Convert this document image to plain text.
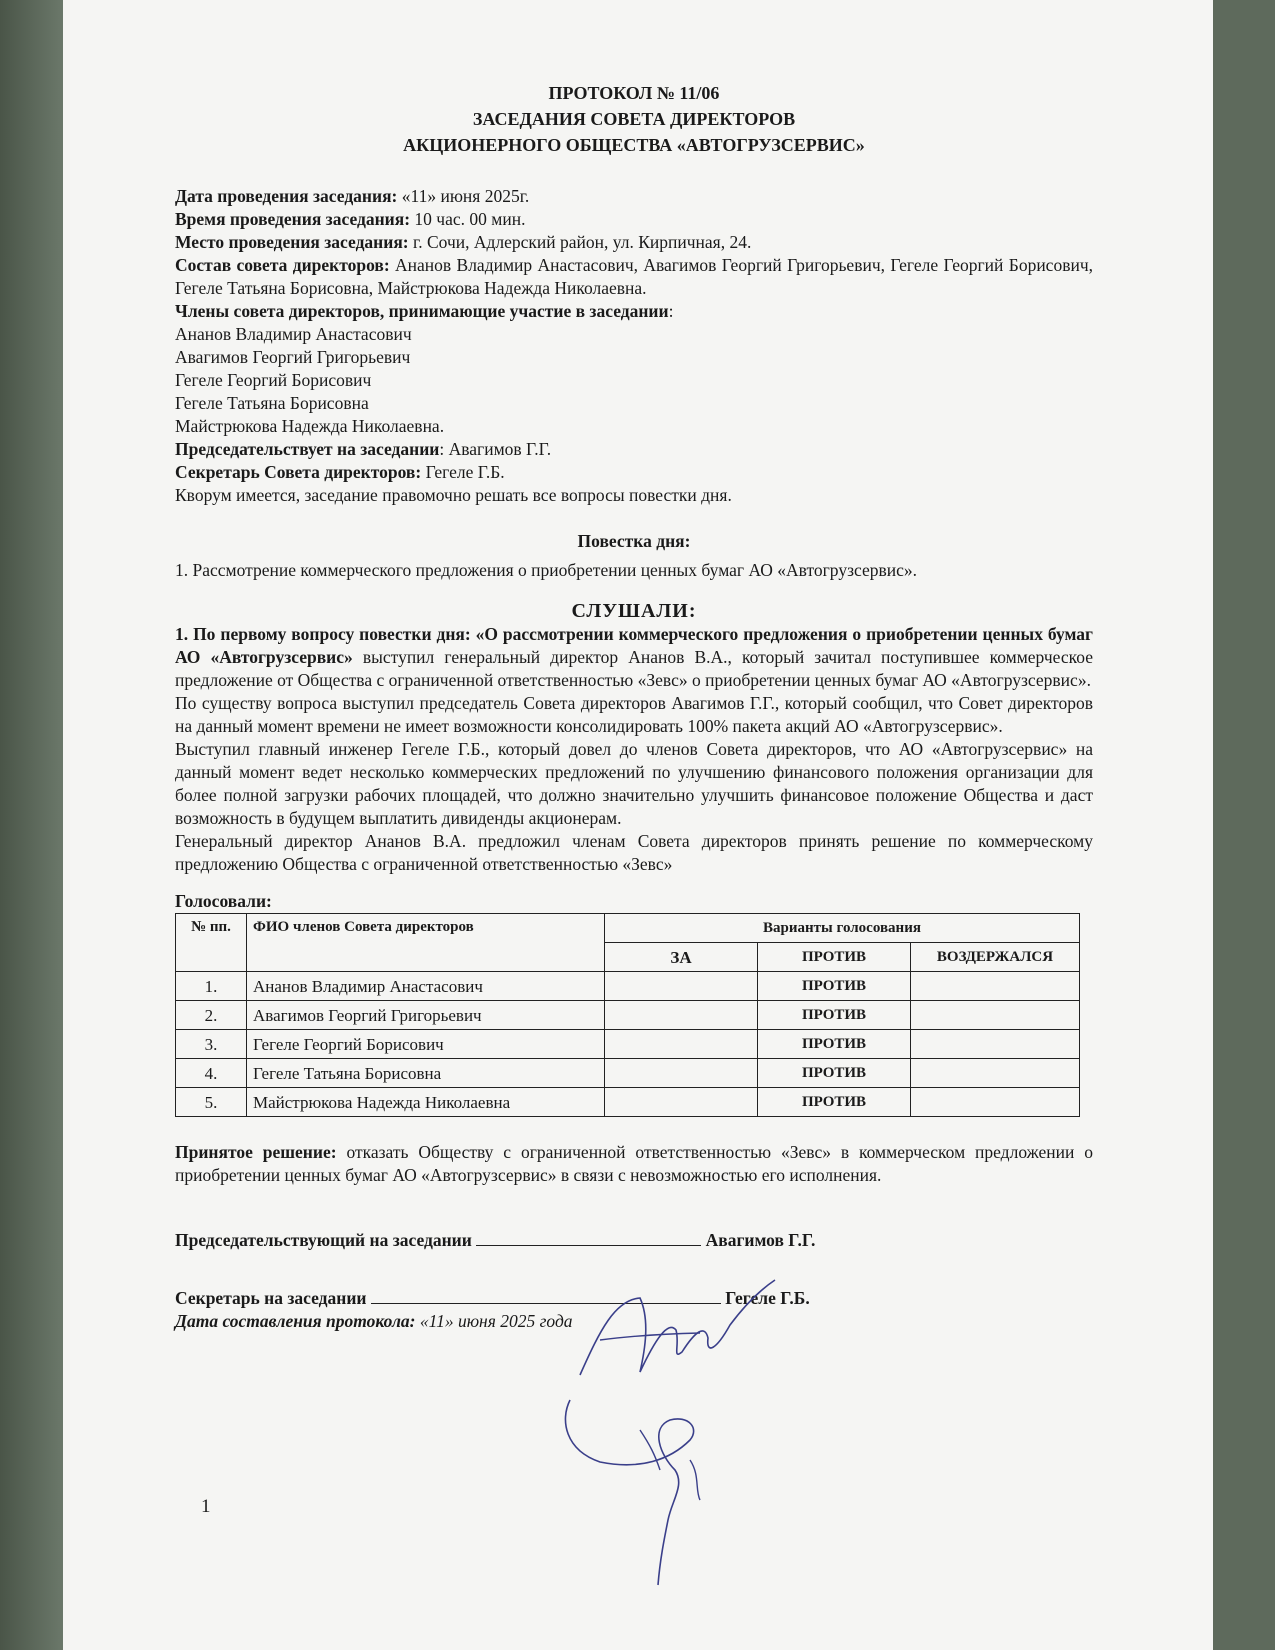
ПРОТОКОЛ № 11/06
ЗАСЕДАНИЯ СОВЕТА ДИРЕКТОРОВ
АКЦИОНЕРНОГО ОБЩЕСТВА «АВТОГРУЗСЕРВИС»
Дата проведения заседания: «11» июня 2025г.
Время проведения заседания: 10 час. 00 мин.
Место проведения заседания: г. Сочи, Адлерский район, ул. Кирпичная, 24.
Состав совета директоров: Ананов Владимир Анастасович, Авагимов Георгий Григорьевич, Гегеле Георгий Борисович, Гегеле Татьяна Борисовна, Майстрюкова Надежда Николаевна.
Члены совета директоров, принимающие участие в заседании:
Ананов Владимир Анастасович
Авагимов Георгий Григорьевич
Гегеле Георгий Борисович
Гегеле Татьяна Борисовна
Майстрюкова Надежда Николаевна.
Председательствует на заседании: Авагимов Г.Г.
Секретарь Совета директоров: Гегеле Г.Б.
Кворум имеется, заседание правомочно решать все вопросы повестки дня.
Повестка дня:
1. Рассмотрение коммерческого предложения о приобретении ценных бумаг АО «Автогрузсервис».
СЛУШАЛИ:
1. По первому вопросу повестки дня: «О рассмотрении коммерческого предложения о приобретении ценных бумаг АО «Автогрузсервис» выступил генеральный директор Ананов В.А., который зачитал поступившее коммерческое предложение от Общества с ограниченной ответственностью «Зевс» о приобретении ценных бумаг АО «Автогрузсервис».
По существу вопроса выступил председатель Совета директоров Авагимов Г.Г., который сообщил, что Совет директоров на данный момент времени не имеет возможности консолидировать 100% пакета акций АО «Автогрузсервис».
Выступил главный инженер Гегеле Г.Б., который довел до членов Совета директоров, что АО «Автогрузсервис» на данный момент ведет несколько коммерческих предложений по улучшению финансового положения организации для более полной загрузки рабочих площадей, что должно значительно улучшить финансовое положение Общества и даст возможность в будущем выплатить дивиденды акционерам.
Генеральный директор Ананов В.А. предложил членам Совета директоров принять решение по коммерческому предложению Общества с ограниченной ответственностью «Зевс»
Голосовали:
№ пп.	ФИО членов Совета директоров	Варианты голосования		
		ЗА	ПРОТИВ	ВОЗДЕРЖАЛСЯ
1.	Ананов Владимир Анастасович		ПРОТИВ	
2.	Авагимов Георгий Григорьевич		ПРОТИВ	
3.	Гегеле Георгий Борисович		ПРОТИВ	
4.	Гегеле Татьяна Борисовна		ПРОТИВ	
5.	Майстрюкова Надежда Николаевна		ПРОТИВ	
Принятое решение: отказать Обществу с ограниченной ответственностью «Зевс» в коммерческом предложении о приобретении ценных бумаг АО «Автогрузсервис» в связи с невозможностью его исполнения.
Председательствующий на заседании	Авагимов Г.Г.
Секретарь на заседании	Гегеле Г.Б.
Дата составления протокола: «11» июня 2025 года
1
